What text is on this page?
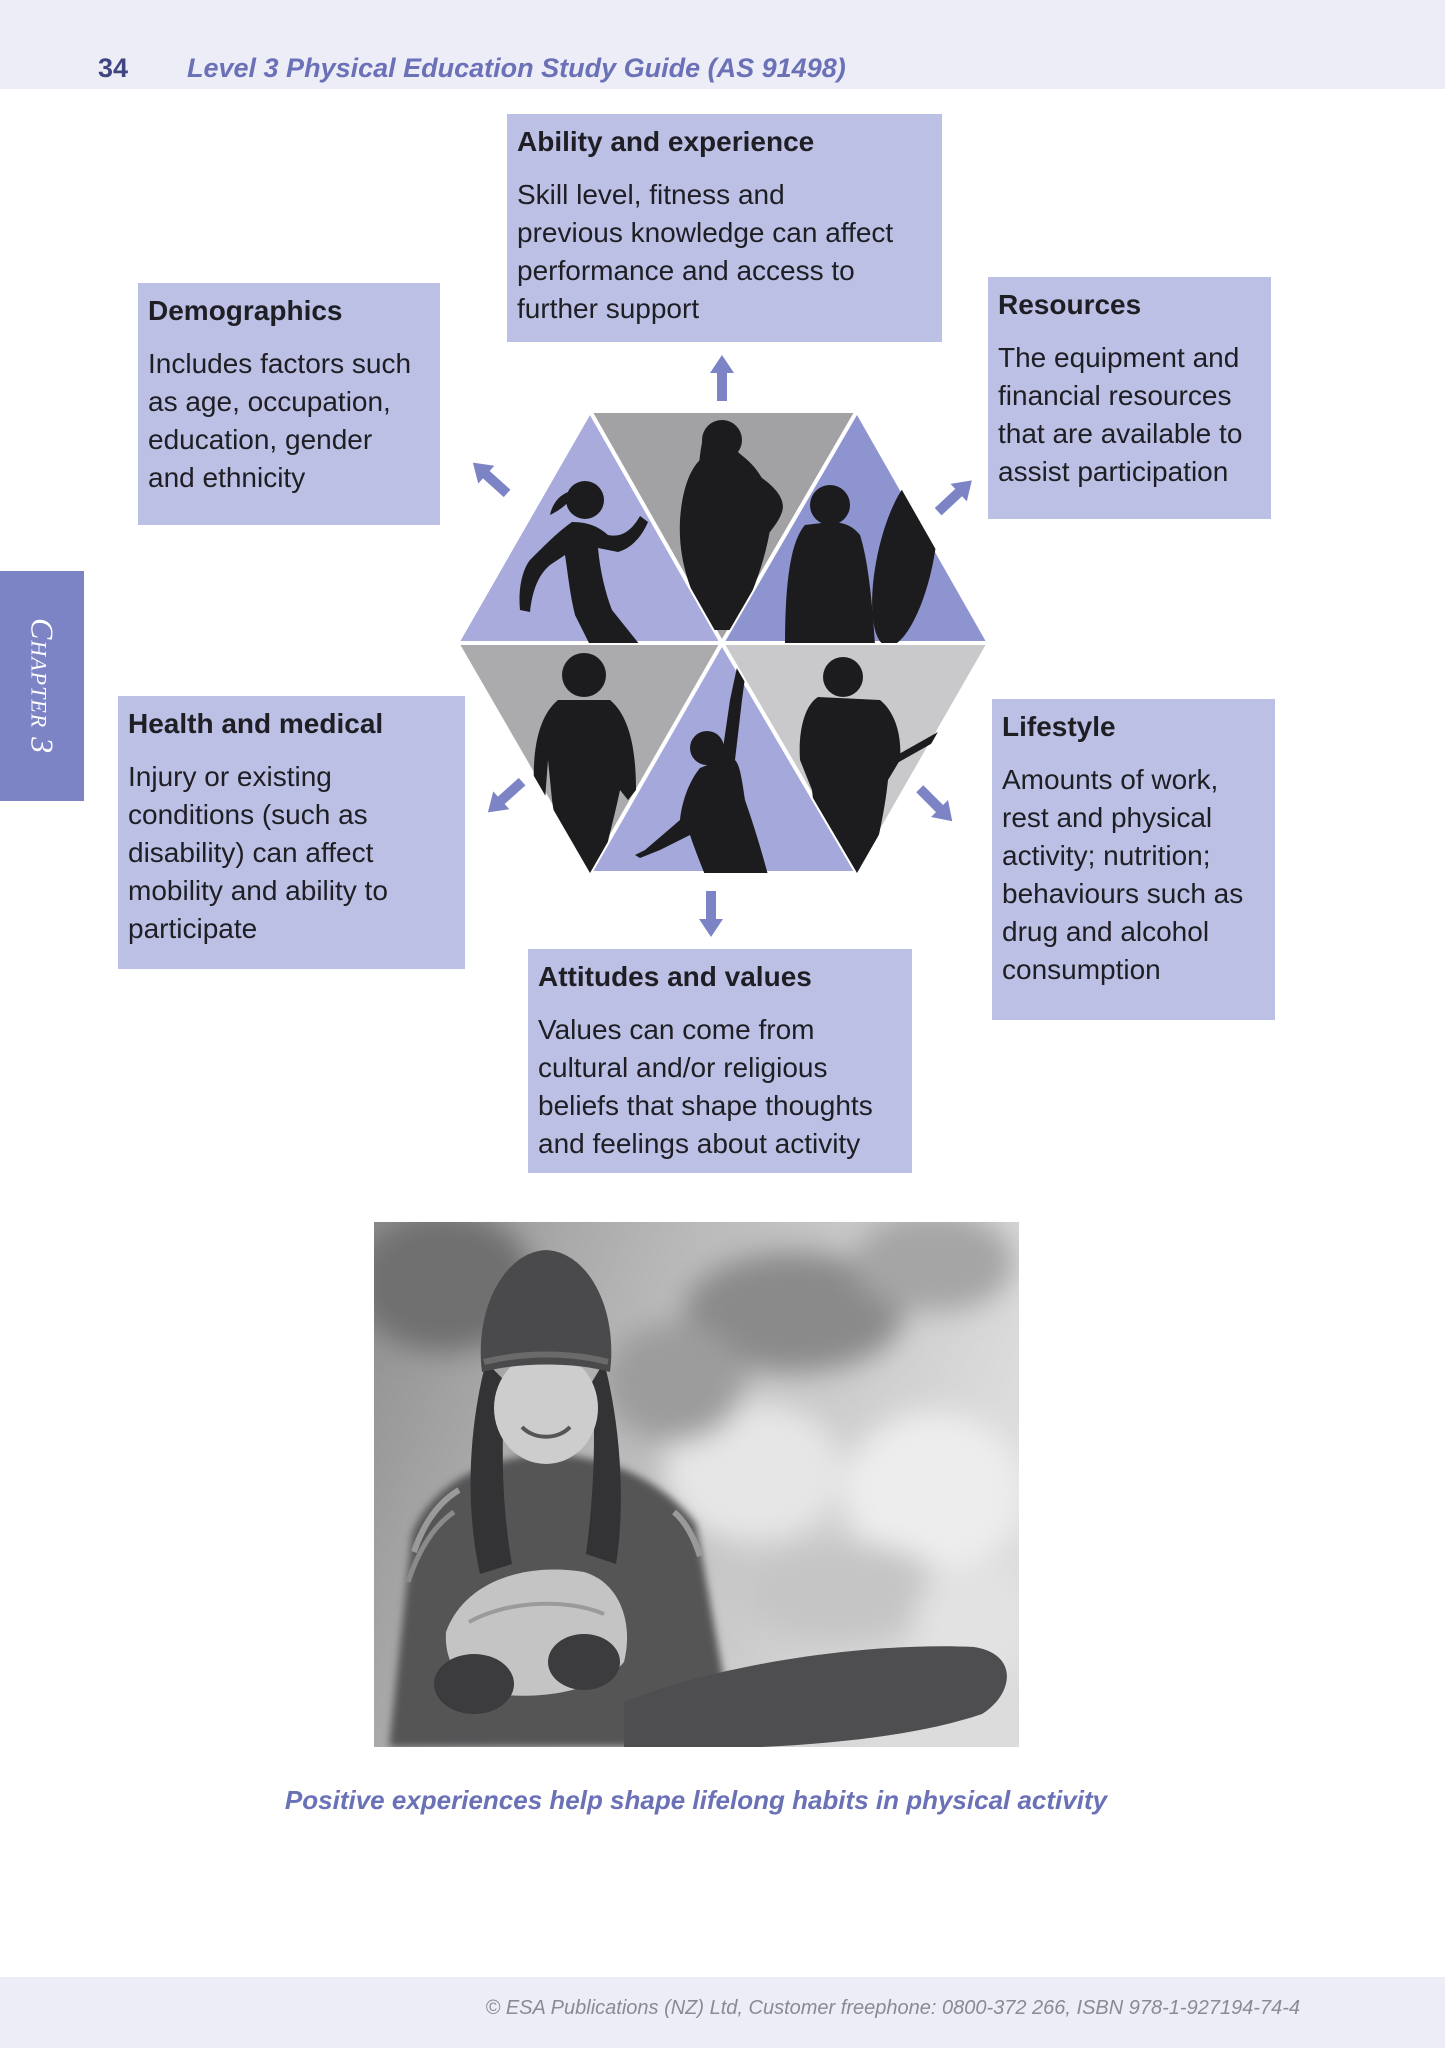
34 Level 3 Physical Education Study Guide (AS 91498)
Chapter 3
Ability and experience
Skill level, fitness and
previous knowledge can affect
performance and access to
further support
Demographics
Includes factors such
as age, occupation,
education, gender
and ethnicity
Resources
The equipment and
financial resources
that are available to
assist participation
Health and medical
Injury or existing
conditions (such as
disability) can affect
mobility and ability to
participate
Lifestyle
Amounts of work,
rest and physical
activity; nutrition;
behaviours such as
drug and alcohol
consumption
Attitudes and values
Values can come from
cultural and/or religious
beliefs that shape thoughts
and feelings about activity
Positive experiences help shape lifelong habits in physical activity
© ESA Publications (NZ) Ltd, Customer freephone: 0800-372 266, ISBN 978-1-927194-74-4
